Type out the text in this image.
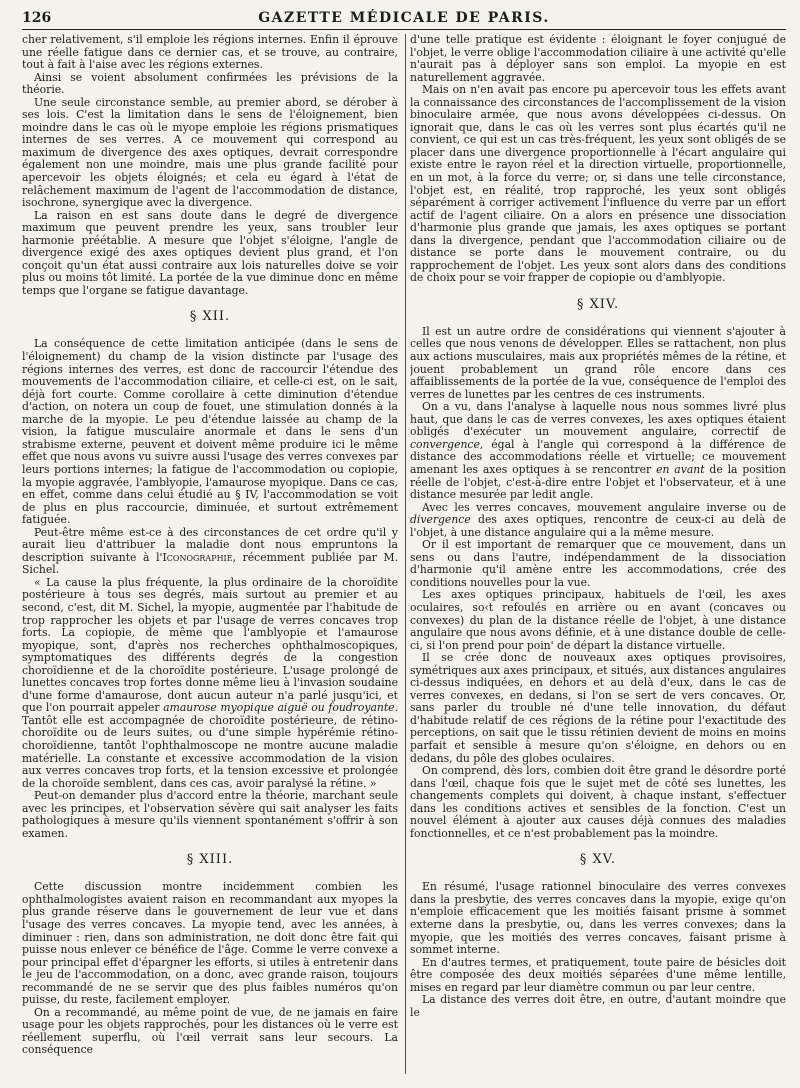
126	GAZETTE MÉDICALE DE PARIS.

cher relativement, s'il emploie les régions internes. Enfin il éprouve une réelle fatigue dans ce dernier cas, et se trouve, au contraire, tout à fait à l'aise avec les régions externes.

Ainsi se voient absolument confirmées les prévisions de la théorie.

Une seule circonstance semble, au premier abord, se dérober à ses lois. C'est la limitation dans le sens de l'éloignement, bien moindre dans le cas où le myope emploie les régions prismatiques internes de ses verres. A ce mouvement qui correspond au maximum de divergence des axes optiques, devrait correspondre également non une moindre, mais une plus grande facilité pour apercevoir les objets éloignés; et cela eu égard à l'état de relâchement maximum de l'agent de l'accommodation de distance, isochrone, synergique avec la divergence.

La raison en est sans doute dans le degré de divergence maximum que peuvent prendre les yeux, sans troubler leur harmonie préétablie. A mesure que l'objet s'éloigne, l'angle de divergence exigé des axes optiques devient plus grand, et l'on conçoit qu'un état aussi contraire aux lois naturelles doive se voir plus ou moins tôt limité. La portée de la vue diminue donc en même temps que l'organe se fatigue davantage.

§ XII.

La conséquence de cette limitation anticipée (dans le sens de l'éloignement) du champ de la vision distincte par l'usage des régions internes des verres, est donc de raccourcir l'étendue des mouvements de l'accommodation ciliaire, et celle-ci est, on le sait, déjà fort courte. Comme corollaire à cette diminution d'étendue d'action, on notera un coup de fouet, une stimulation donnés à la marche de la myopie. Le peu d'étendue laissée au champ de la vision, la fatigue musculaire anormale et dans le sens d'un strabisme externe, peuvent et doivent même produire ici le même effet que nous avons vu suivre aussi l'usage des verres convexes par leurs portions internes; la fatigue de l'accommodation ou copiopie, la myopie aggravée, l'amblyopie, l'amaurose myopique. Dans ce cas, en effet, comme dans celui étudié au § IV, l'accommodation se voit de plus en plus raccourcie, diminuée, et surtout extrêmement fatiguée.

Peut-être même est-ce à des circonstances de cet ordre qu'il y aurait lieu d'attribuer la maladie dont nous empruntons la description suivante à l'Iconographie, récemment publiée par M. Sichel.

« La cause la plus fréquente, la plus ordinaire de la choroïdite postérieure à tous ses degrés, mais surtout au premier et au second, c'est, dit M. Sichel, la myopie, augmentée par l'habitude de trop rapprocher les objets et par l'usage de verres concaves trop forts. La copiopie, de même que l'amblyopie et l'amaurose myopique, sont, d'après nos recherches ophthalmoscopiques, symptomatiques des différents degrés de la congestion choroïdienne et de la choroïdite postérieure. L'usage prolongé de lunettes concaves trop fortes donne même lieu à l'invasion soudaine d'une forme d'amaurose, dont aucun auteur n'a parlé jusqu'ici, et que l'on pourrait appeler amaurose myopique aiguë ou foudroyante. Tantôt elle est accompagnée de choroïdite postérieure, de rétino-choroïdite ou de leurs suites, ou d'une simple hypérémie rétino-choroïdienne, tantôt l'ophthalmoscope ne montre aucune maladie matérielle. La constante et excessive accommodation de la vision aux verres concaves trop forts, et la tension excessive et prolongée de la choroïde semblent, dans ces cas, avoir paralysé la rétine. »

Peut-on demander plus d'accord entre la théorie, marchant seule avec les principes, et l'observation sévère qui sait analyser les faits pathologiques à mesure qu'ils viennent spontanément s'offrir à son examen.

§ XIII.

Cette discussion montre incidemment combien les ophthalmologistes avaient raison en recommandant aux myopes la plus grande réserve dans le gouvernement de leur vue et dans l'usage des verres concaves. La myopie tend, avec les années, à diminuer : rien, dans son administration, ne doit donc être fait qui puisse nous enlever ce bénéfice de l'âge. Comme le verre convexe a pour principal effet d'épargner les efforts, si utiles à entretenir dans le jeu de l'accommodation, on a donc, avec grande raison, toujours recommandé de ne se servir que des plus faibles numéros qu'on puisse, du reste, facilement employer.

On a recommandé, au même point de vue, de ne jamais en faire usage pour les objets rapprochés, pour les distances où le verre est réellement superflu, où l'œil verrait sans leur secours. La conséquence

d'une telle pratique est évidente : éloignant le foyer conjugué de l'objet, le verre oblige l'accommodation ciliaire à une activité qu'elle n'aurait pas à déployer sans son emploi. La myopie en est naturellement aggravée.

Mais on n'en avait pas encore pu apercevoir tous les effets avant la connaissance des circonstances de l'accomplissement de la vision binoculaire armée, que nous avons développées ci-dessus. On ignorait que, dans le cas où les verres sont plus écartés qu'il ne convient, ce qui est un cas très-fréquent, les yeux sont obligés de se placer dans une divergence proportionnelle à l'écart angulaire qui existe entre le rayon réel et la direction virtuelle, proportionnelle, en un mot, à la force du verre; or, si dans une telle circonstance, l'objet est, en réalité, trop rapproché, les yeux sont obligés séparément à corriger activement l'influence du verre par un effort actif de l'agent ciliaire. On a alors en présence une dissociation d'harmonie plus grande que jamais, les axes optiques se portant dans la divergence, pendant que l'accommodation ciliaire ou de distance se porte dans le mouvement contraire, ou du rapprochement de l'objet. Les yeux sont alors dans des conditions de choix pour se voir frapper de copiopie ou d'amblyopie.

§ XIV.

Il est un autre ordre de considérations qui viennent s'ajouter à celles que nous venons de développer. Elles se rattachent, non plus aux actions musculaires, mais aux propriétés mêmes de la rétine, et jouent probablement un grand rôle encore dans ces affaiblissements de la portée de la vue, conséquence de l'emploi des verres de lunettes par les centres de ces instruments.

On a vu, dans l'analyse à laquelle nous nous sommes livré plus haut, que dans le cas de verres convexes, les axes optiques étaient obligés d'exécuter un mouvement angulaire, correctif de convergence, égal à l'angle qui correspond à la différence de distance des accommodations réelle et virtuelle; ce mouvement amenant les axes optiques à se rencontrer en avant de la position réelle de l'objet, c'est-à-dire entre l'objet et l'observateur, et à une distance mesurée par ledit angle.

Avec les verres concaves, mouvement angulaire inverse ou de divergence des axes optiques, rencontre de ceux-ci au delà de l'objet, à une distance angulaire qui a la même mesure.

Or il est important de remarquer que ce mouvement, dans un sens ou dans l'autre, indépendamment de la dissociation d'harmonie qu'il amène entre les accommodations, crée des conditions nouvelles pour la vue.

Les axes optiques principaux, habituels de l'œil, les axes oculaires, so‹t refoulés en arrière ou en avant (concaves ou convexes) du plan de la distance réelle de l'objet, à une distance angulaire que nous avons définie, et à une distance double de celle-ci, si l'on prend pour poin' de départ la distance virtuelle.

Il se crée donc de nouveaux axes optiques provisoires, symétriques aux axes principaux, et situés, aux distances angulaires ci-dessus indiquées, en dehors et au delà d'eux, dans le cas de verres convexes, en dedans, si l'on se sert de vers concaves. Or, sans parler du trouble né d'une telle innovation, du défaut d'habitude relatif de ces régions de la rétine pour l'exactitude des perceptions, on sait que le tissu rétinien devient de moins en moins parfait et sensible à mesure qu'on s'éloigne, en dehors ou en dedans, du pôle des globes oculaires.

On comprend, dès lors, combien doit être grand le désordre porté dans l'œil, chaque fois que le sujet met de côté ses lunettes, les changements complets qui doivent, à chaque instant, s'effectuer dans les conditions actives et sensibles de la fonction. C'est un nouvel élément à ajouter aux causes déjà connues des maladies fonctionnelles, et ce n'est probablement pas la moindre.

§ XV.

En résumé, l'usage rationnel binoculaire des verres convexes dans la presbytie, des verres concaves dans la myopie, exige qu'on n'emploie efficacement que les moitiés faisant prisme à sommet externe dans la presbytie, ou, dans les verres convexes; dans la myopie, que les moitiés des verres concaves, faisant prisme à sommet interne.

En d'autres termes, et pratiquement, toute paire de bésicles doit être composée des deux moitiés séparées d'une même lentille, mises en regard par leur diamètre commun ou par leur centre.

La distance des verres doit être, en outre, d'autant moindre que le
